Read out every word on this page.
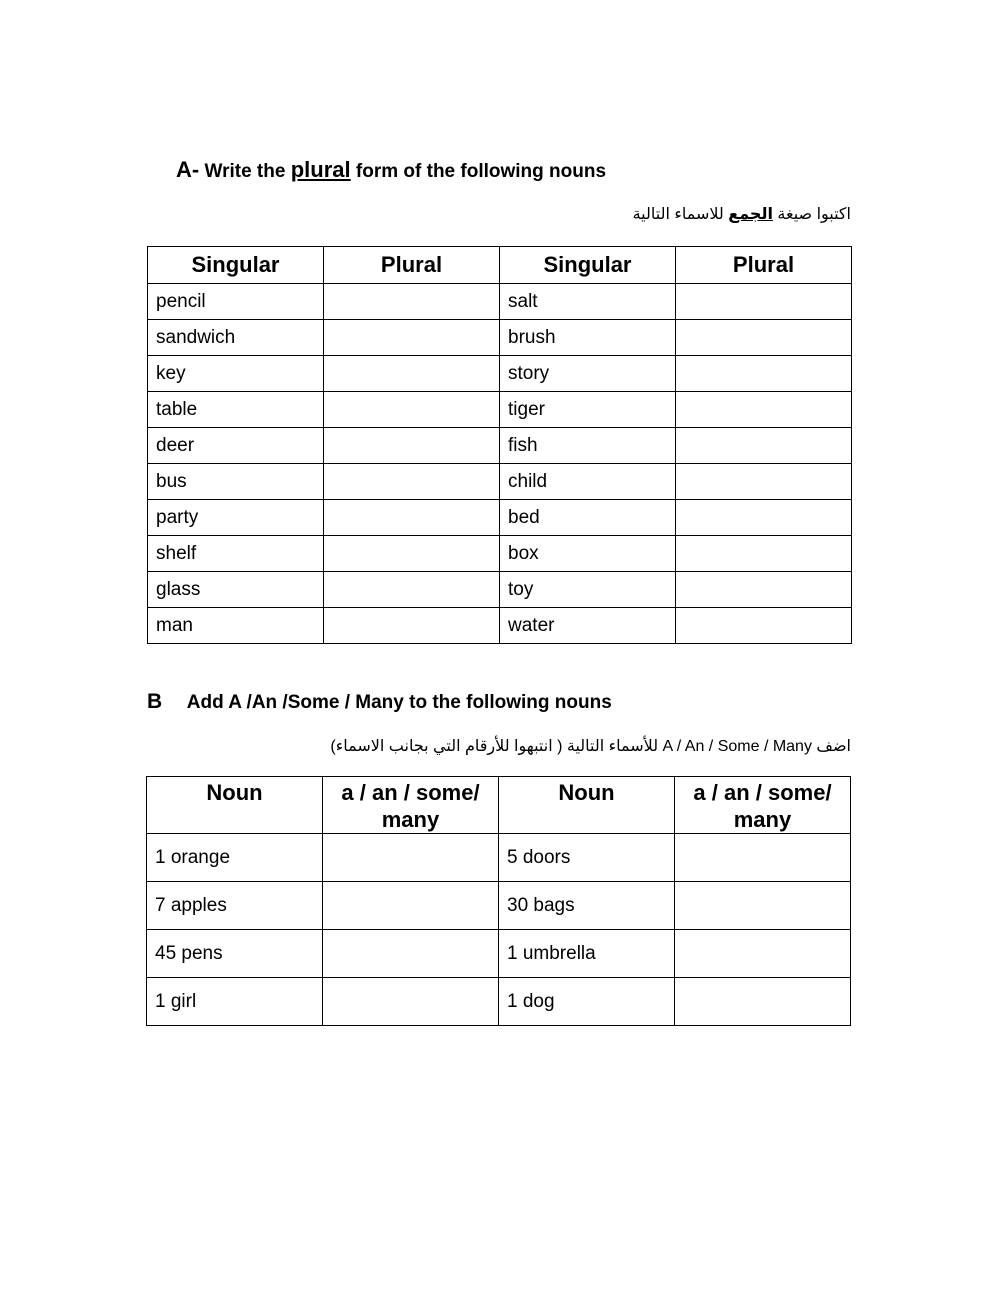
A- Write the plural form of the following nouns
اكتبوا صيغة الجمع للاسماء التالية
Singular	Plural	Singular	Plural
pencil		salt	
sandwich		brush	
key		story	
table		tiger	
deer		fish	
bus		child	
party		bed	
shelf		box	
glass		toy	
man		water	
B Add A /An /Some / Many to the following nouns
اضف A / An / Some / Many للأسماء التالية ( انتبهوا للأرقام التي بجانب الاسماء)
Noun	a / an / some/ many	Noun	a / an / some/ many
1 orange		5 doors	
7 apples		30 bags	
45 pens		1 umbrella	
1 girl		1 dog	
